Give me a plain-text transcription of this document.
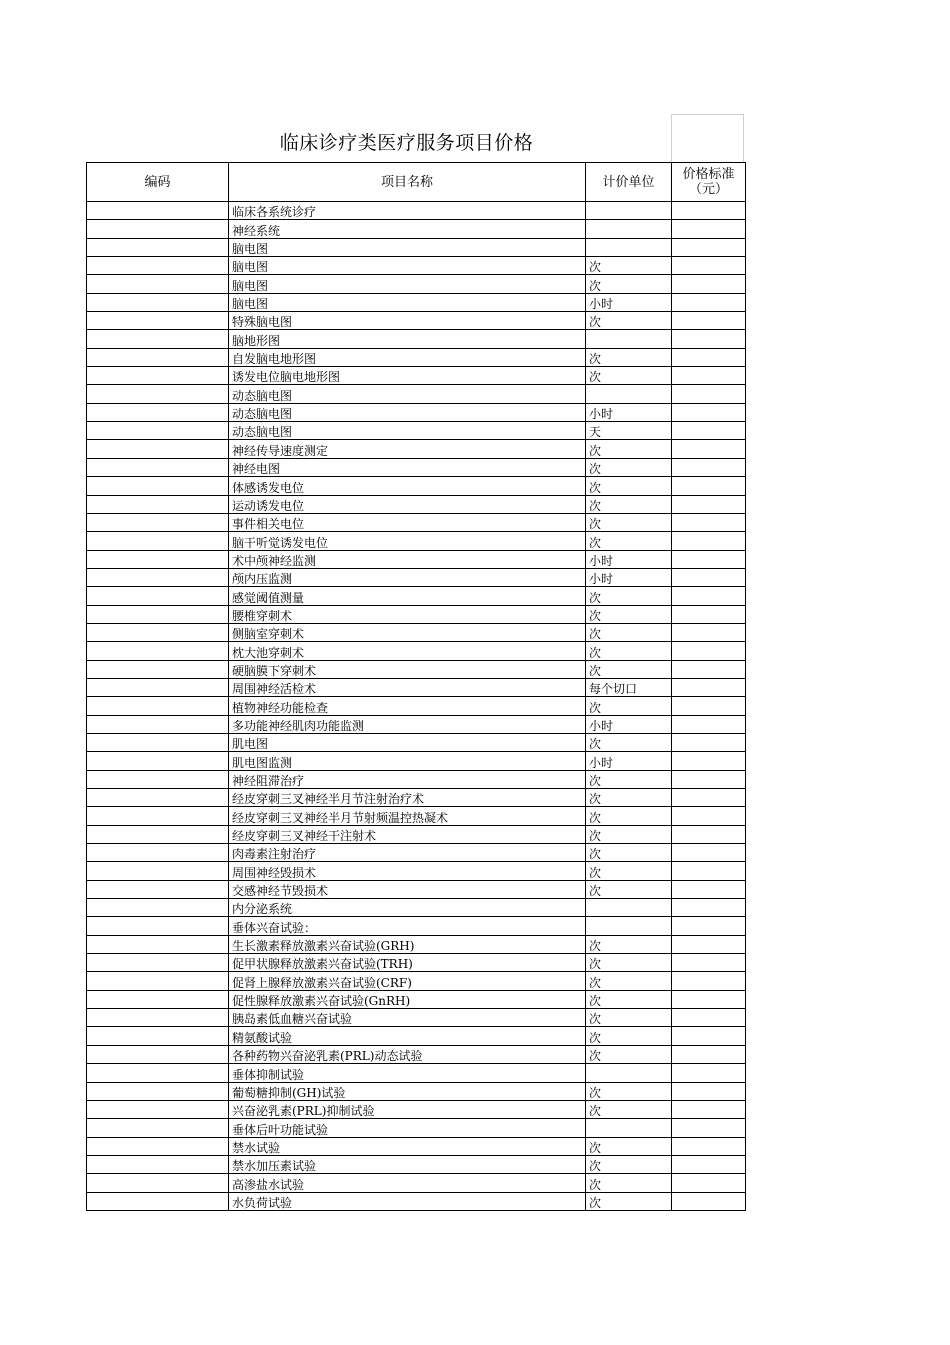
临床诊疗类医疗服务项目价格
编码	项目名称	计价单位	价格标准
（元）
	临床各系统诊疗		
	神经系统		
	脑电图		
	脑电图	次	
	脑电图	次	
	脑电图	小时	
	特殊脑电图	次	
	脑地形图		
	自发脑电地形图	次	
	诱发电位脑电地形图	次	
	动态脑电图		
	动态脑电图	小时	
	动态脑电图	天	
	神经传导速度测定	次	
	神经电图	次	
	体感诱发电位	次	
	运动诱发电位	次	
	事件相关电位	次	
	脑干听觉诱发电位	次	
	术中颅神经监测	小时	
	颅内压监测	小时	
	感觉阈值测量	次	
	腰椎穿刺术	次	
	侧脑室穿刺术	次	
	枕大池穿刺术	次	
	硬脑膜下穿刺术	次	
	周围神经活检术	每个切口	
	植物神经功能检查	次	
	多功能神经肌肉功能监测	小时	
	肌电图	次	
	肌电图监测	小时	
	神经阻滞治疗	次	
	经皮穿刺三叉神经半月节注射治疗术	次	
	经皮穿刺三叉神经半月节射频温控热凝术	次	
	经皮穿刺三叉神经干注射术	次	
	肉毒素注射治疗	次	
	周围神经毁损术	次	
	交感神经节毁损术	次	
	内分泌系统		
	垂体兴奋试验：		
	生长激素释放激素兴奋试验(GRH)	次	
	促甲状腺释放激素兴奋试验(TRH)	次	
	促肾上腺释放激素兴奋试验(CRF)	次	
	促性腺释放激素兴奋试验(GnRH)	次	
	胰岛素低血糖兴奋试验	次	
	精氨酸试验	次	
	各种药物兴奋泌乳素(PRL)动态试验	次	
	垂体抑制试验		
	葡萄糖抑制(GH)试验	次	
	兴奋泌乳素(PRL)抑制试验	次	
	垂体后叶功能试验		
	禁水试验	次	
	禁水加压素试验	次	
	高渗盐水试验	次	
	水负荷试验	次	
